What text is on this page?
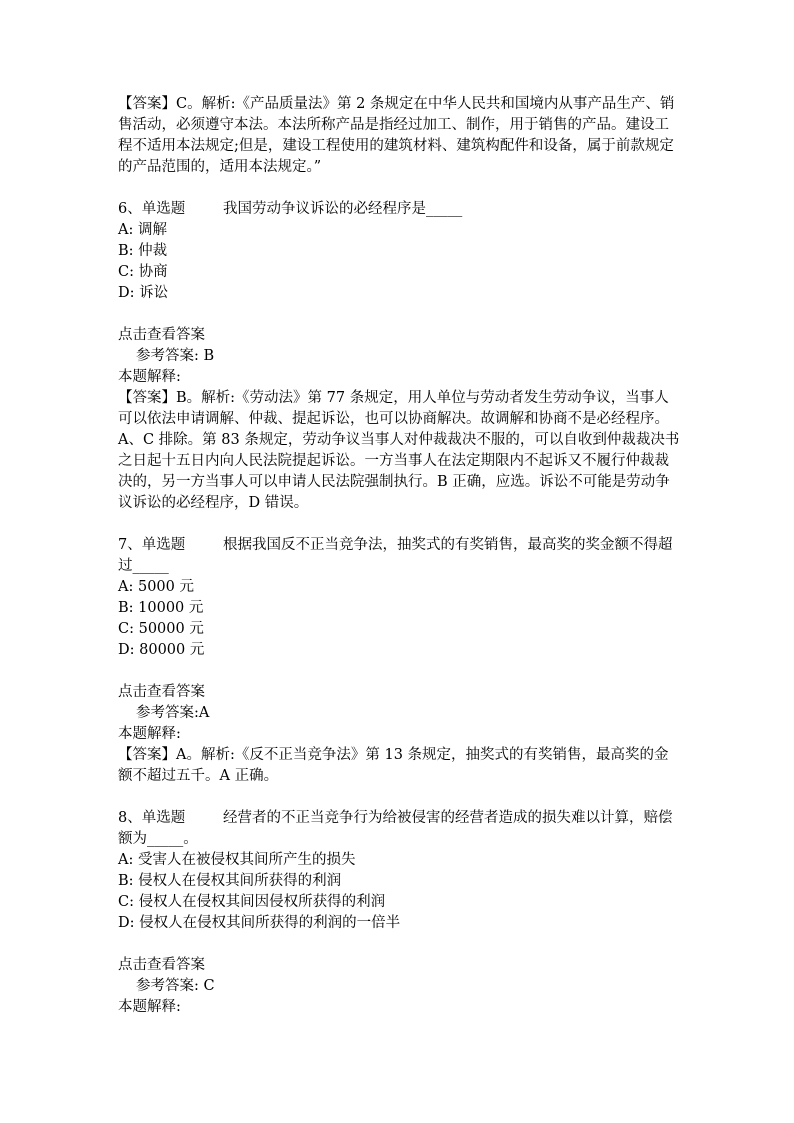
【答案】C。解析:《产品质量法》第 2 条规定在中华人民共和国境内从事产品生产、销售活动，必须遵守本法。本法所称产品是指经过加工、制作，用于销售的产品。建设工程不适用本法规定;但是，建设工程使用的建筑材料、建筑构配件和设备，属于前款规定的产品范围的，适用本法规定。”

6、单选题	我国劳动争议诉讼的必经程序是_____

A: 调解

B: 仲裁

C: 协商

D: 诉讼

点击查看答案

参考答案: B

本题解释:

【答案】B。解析:《劳动法》第 77 条规定，用人单位与劳动者发生劳动争议，当事人可以依法申请调解、仲裁、提起诉讼，也可以协商解决。故调解和协商不是必经程序。A、C 排除。第 83 条规定，劳动争议当事人对仲裁裁决不服的，可以自收到仲裁裁决书之日起十五日内向人民法院提起诉讼。一方当事人在法定期限内不起诉又不履行仲裁裁决的，另一方当事人可以申请人民法院强制执行。B 正确，应选。诉讼不可能是劳动争议诉讼的必经程序，D 错误。

7、单选题	根据我国反不正当竞争法，抽奖式的有奖销售，最高奖的奖金额不得超过_____

A: 5000 元

B: 10000 元

C: 50000 元

D: 80000 元

点击查看答案

参考答案:A

本题解释:

【答案】A。解析:《反不正当竞争法》第 13 条规定，抽奖式的有奖销售，最高奖的金额不超过五千。A 正确。

8、单选题	经营者的不正当竞争行为给被侵害的经营者造成的损失难以计算，赔偿额为_____。

A: 受害人在被侵权其间所产生的损失

B: 侵权人在侵权其间所获得的利润

C: 侵权人在侵权其间因侵权所获得的利润

D: 侵权人在侵权其间所获得的利润的一倍半

点击查看答案

参考答案: C

本题解释:
